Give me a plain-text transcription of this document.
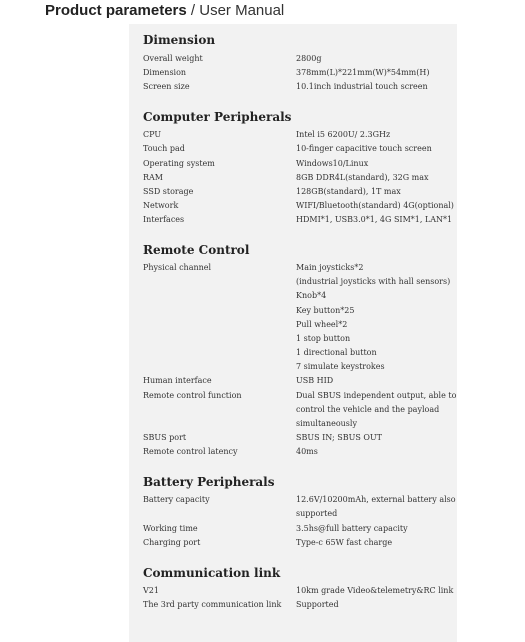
Product parameters / User Manual
Dimension
Overall weight	2800g
Dimension	378mm(L)*221mm(W)*54mm(H)
Screen size	10.1inch industrial touch screen
Computer Peripherals
CPU	Intel i5 6200U/ 2.3GHz
Touch pad	10-finger capacitive touch screen
Operating system	Windows10/Linux
RAM	8GB DDR4L(standard), 32G max
SSD storage	128GB(standard), 1T max
Network	WIFI/Bluetooth(standard) 4G(optional)
Interfaces	HDMI*1, USB3.0*1, 4G SIM*1, LAN*1
Remote Control
Physical channel	Main joysticks*2
(industrial joysticks with hall sensors)
Knob*4
Key button*25
Pull wheel*2
1 stop button
1 directional button
7 simulate keystrokes
Human interface	USB HID
Remote control function	Dual SBUS independent output, able to
control the vehicle and the payload
simultaneously
SBUS port	SBUS IN; SBUS OUT
Remote control latency	40ms
Battery Peripherals
Battery capacity	12.6V/10200mAh, external battery also
supported
Working time	3.5hs@full battery capacity
Charging port	Type-c 65W fast charge
Communication link
V21	10km grade Video&telemetry&RC link
The 3rd party communication link Supported
